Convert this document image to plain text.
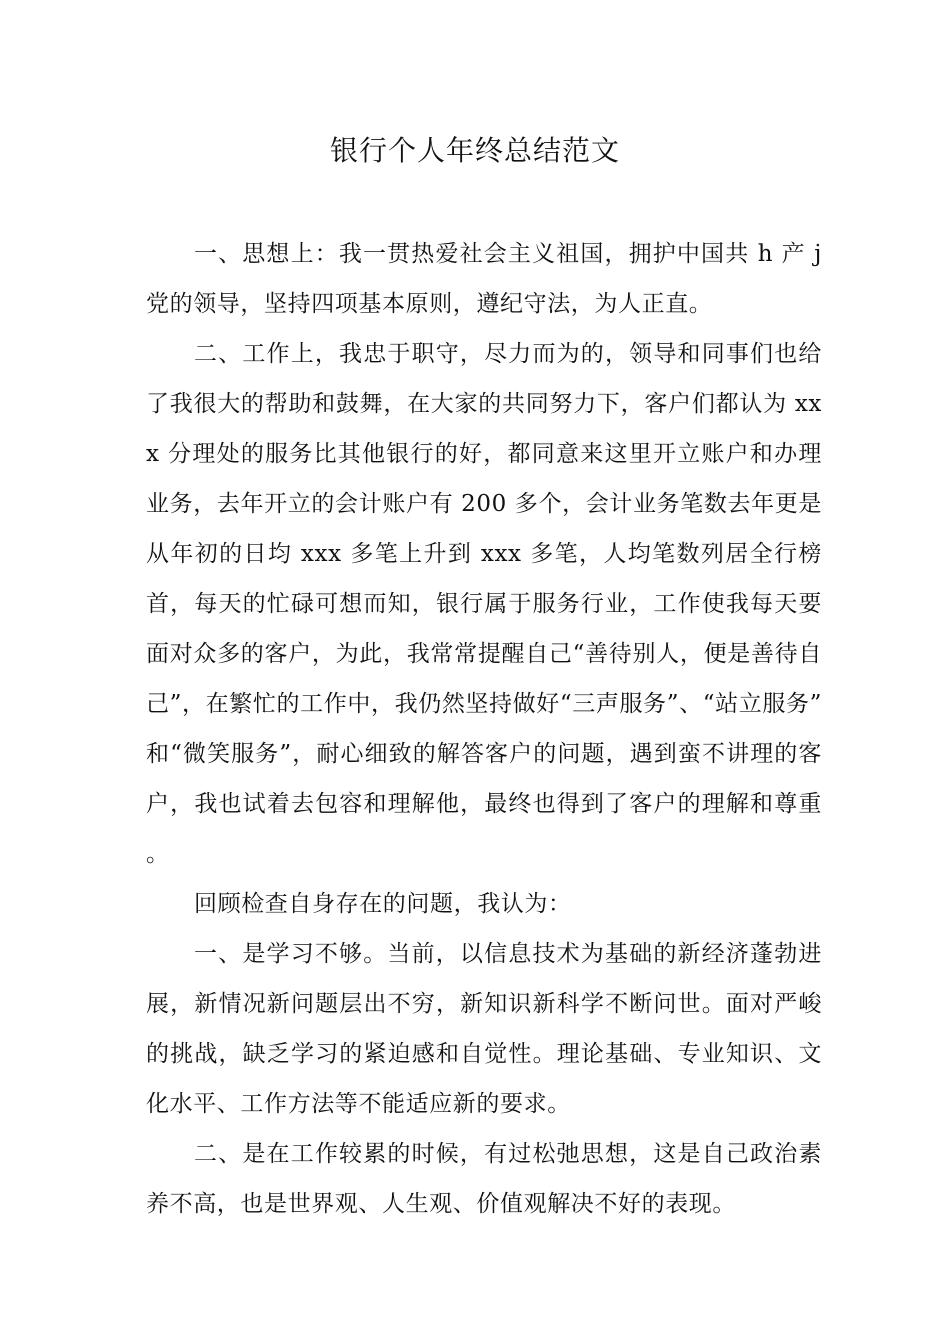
银行个人年终总结范文

一、思想上：我一贯热爱社会主义祖国，拥护中国共 h 产 j 党的领导，坚持四项基本原则，遵纪守法，为人正直。

二、工作上，我忠于职守，尽力而为的，领导和同事们也给了我很大的帮助和鼓舞，在大家的共同努力下，客户们都认为 xxx 分理处的服务比其他银行的好，都同意来这里开立账户和办理业务，去年开立的会计账户有 200 多个，会计业务笔数去年更是从年初的日均 xxx 多笔上升到 xxx 多笔，人均笔数列居全行榜首，每天的忙碌可想而知，银行属于服务行业，工作使我每天要面对众多的客户，为此，我常常提醒自己“善待别人，便是善待自己”，在繁忙的工作中，我仍然坚持做好“三声服务”、“站立服务”和“微笑服务”，耐心细致的解答客户的问题，遇到蛮不讲理的客户，我也试着去包容和理解他，最终也得到了客户的理解和尊重。

回顾检查自身存在的问题，我认为：

一、是学习不够。当前，以信息技术为基础的新经济蓬勃进展，新情况新问题层出不穷，新知识新科学不断问世。面对严峻的挑战，缺乏学习的紧迫感和自觉性。理论基础、专业知识、文化水平、工作方法等不能适应新的要求。

二、是在工作较累的时候，有过松弛思想，这是自己政治素养不高，也是世界观、人生观、价值观解决不好的表现。
